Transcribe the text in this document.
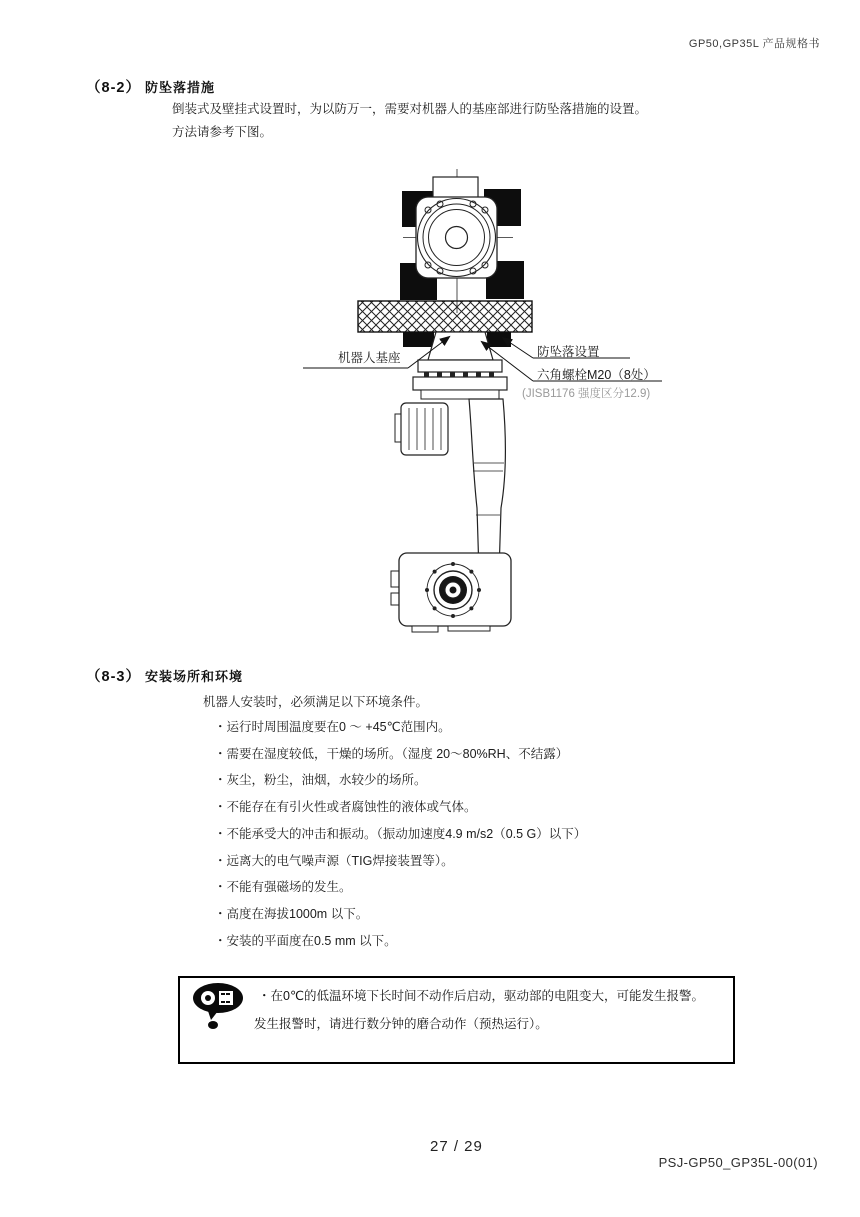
GP50,GP35L 产品规格书
（8-2） 防坠落措施
倒装式及壁挂式设置时，为以防万一，需要对机器人的基座部进行防坠落措施的设置。
方法请参考下图。
机器人基座	防坠落设置
六角螺栓M20（8处）
(JISB1176 强度区分12.9)
（8-3） 安装场所和环境
机器人安装时，必须满足以下环境条件。
・运行时周围温度要在0 ～ +45℃范围内。
・需要在湿度较低，干燥的场所。（湿度 20～80%RH、不结露）
・灰尘，粉尘，油烟，水较少的场所。
・不能存在有引火性或者腐蚀性的液体或气体。
・不能承受大的冲击和振动。（振动加速度4.9 m/s2（0.5 G）以下）
・远离大的电气噪声源（TIG焊接装置等）。
・不能有强磁场的发生。
・高度在海拔1000m 以下。
・安装的平面度在0.5 mm 以下。
・在0℃的低温环境下长时间不动作后启动，驱动部的电阻变大，可能发生报警。
发生报警时，请进行数分钟的磨合动作（预热运行）。
27 / 29
PSJ-GP50_GP35L-00(01)
